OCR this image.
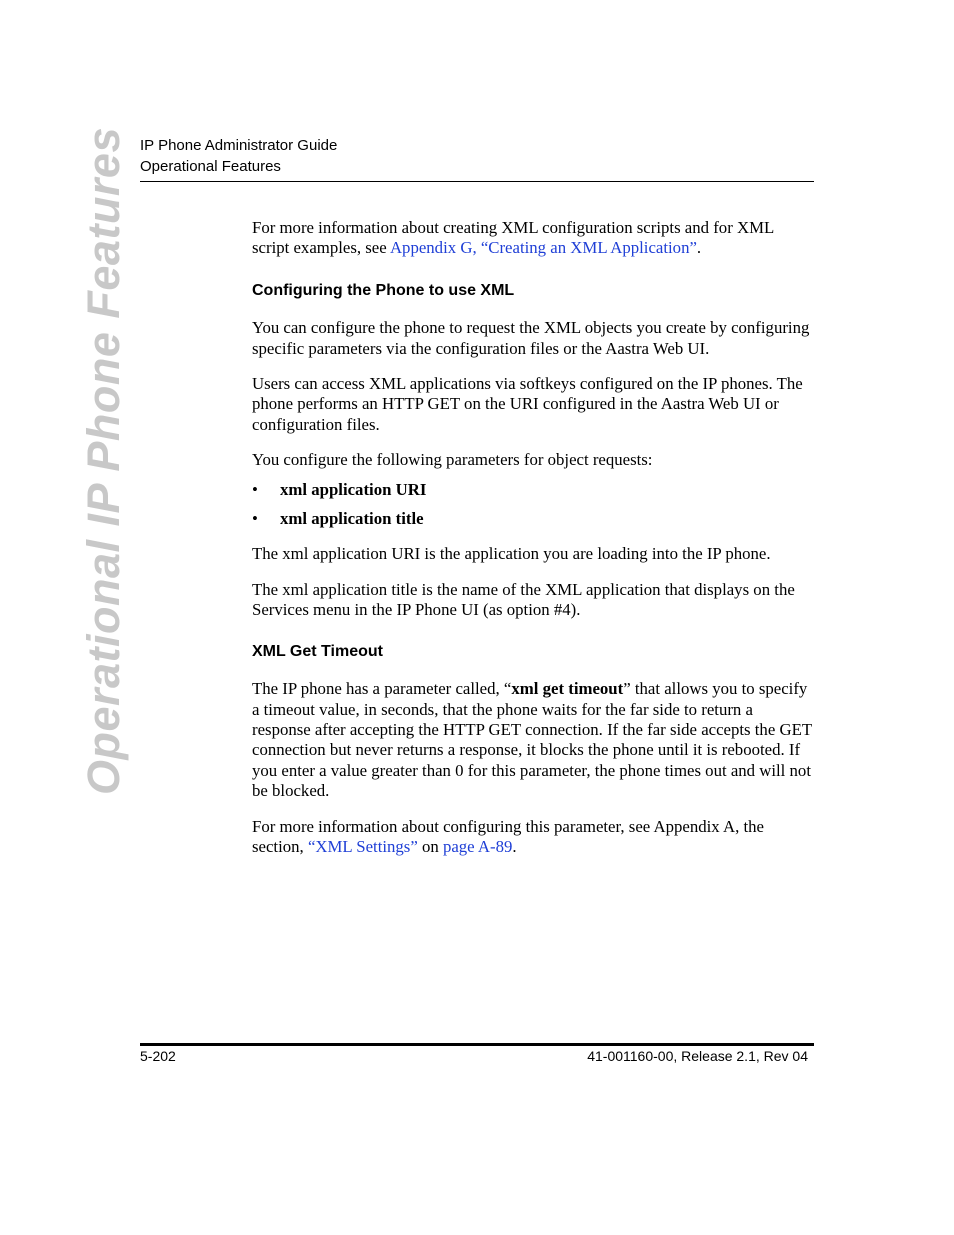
IP Phone Administrator Guide
Operational Features
Operational IP Phone Features	For more information about creating XML configuration scripts and for XML script examples, see Appendix G, “Creating an XML Application”.

Configuring the Phone to use XML

You can configure the phone to request the XML objects you create by configuring specific parameters via the configuration files or the Aastra Web UI.

Users can access XML applications via softkeys configured on the IP phones. The phone performs an HTTP GET on the URI configured in the Aastra Web UI or configuration files.

You configure the following parameters for object requests:

•	xml application URI
•	xml application title

The xml application URI is the application you are loading into the IP phone.

The xml application title is the name of the XML application that displays on the Services menu in the IP Phone UI (as option #4).

XML Get Timeout

The IP phone has a parameter called, “xml get timeout” that allows you to specify a timeout value, in seconds, that the phone waits for the far side to return a response after accepting the HTTP GET connection. If the far side accepts the GET connection but never returns a response, it blocks the phone until it is rebooted. If you enter a value greater than 0 for this parameter, the phone times out and will not be blocked.

For more information about configuring this parameter, see Appendix A, the section, “XML Settings” on page A-89.

5-202	41-001160-00, Release 2.1, Rev 04
